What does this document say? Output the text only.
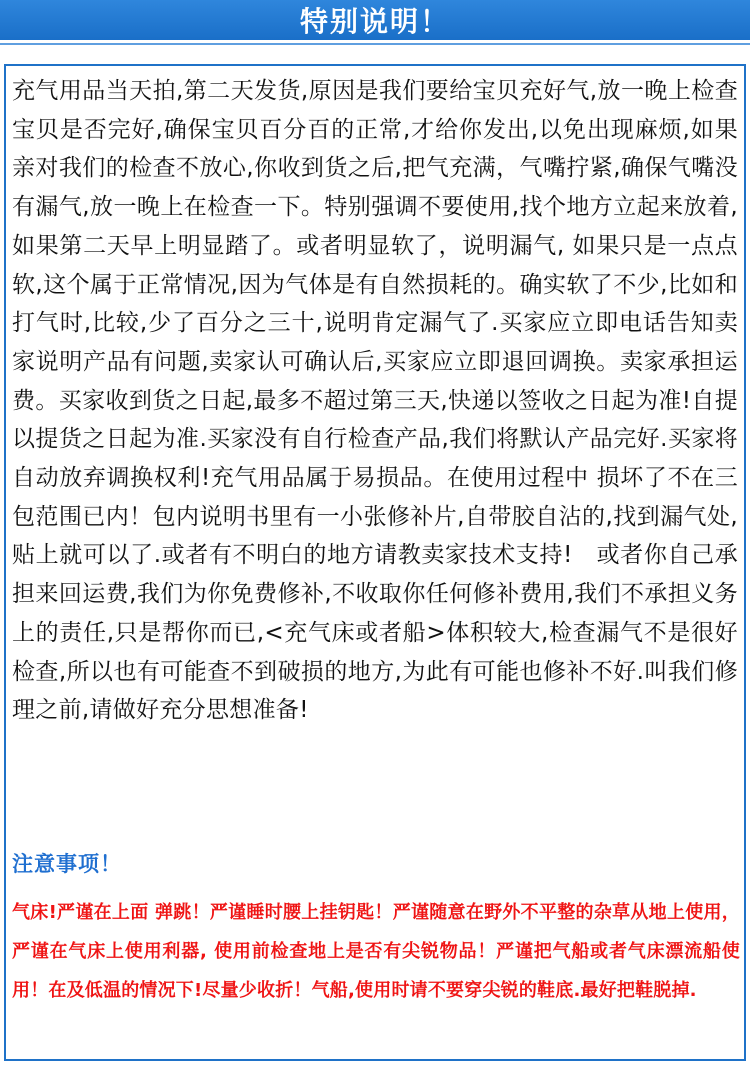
特别说明！

充气用品当天拍,第二天发货,原因是我们要给宝贝充好气,放一晚上检查宝贝是否完好,确保宝贝百分百的正常,才给你发出,以免出现麻烦,如果亲对我们的检查不放心,你收到货之后,把气充满，气嘴拧紧,确保气嘴没有漏气,放一晚上在检查一下。特别强调不要使用,找个地方立起来放着, 如果第二天早上明显踏了。或者明显软了，说明漏气, 如果只是一点点软,这个属于正常情况,因为气体是有自然损耗的。确实软了不少,比如和打气时,比较,少了百分之三十,说明肯定漏气了.买家应立即电话告知卖家说明产品有问题,卖家认可确认后,买家应立即退回调换。卖家承担运费。买家收到货之日起,最多不超过第三天,快递以签收之日起为准!自提以提货之日起为准.买家没有自行检查产品,我们将默认产品完好.买家将自动放弃调换权利!充气用品属于易损品。在使用过程中 损坏了不在三包范围已内！包内说明书里有一小张修补片,自带胶自沾的,找到漏气处,贴上就可以了.或者有不明白的地方请教卖家技术支持!　或者你自己承担来回运费,我们为你免费修补,不收取你任何修补费用,我们不承担义务上的责任,只是帮你而已,<充气床或者船>体积较大,检查漏气不是很好检查,所以也有可能查不到破损的地方,为此有可能也修补不好.叫我们修理之前,请做好充分思想准备!

注意事项！

气床!严谨在上面 弹跳！严谨睡时腰上挂钥匙！严谨随意在野外不平整的杂草从地上使用，严谨在气床上使用利器, 使用前检查地上是否有尖锐物品！严谨把气船或者气床漂流船使用！在及低温的情况下!尽量少收折！气船,使用时请不要穿尖锐的鞋底.最好把鞋脱掉.
